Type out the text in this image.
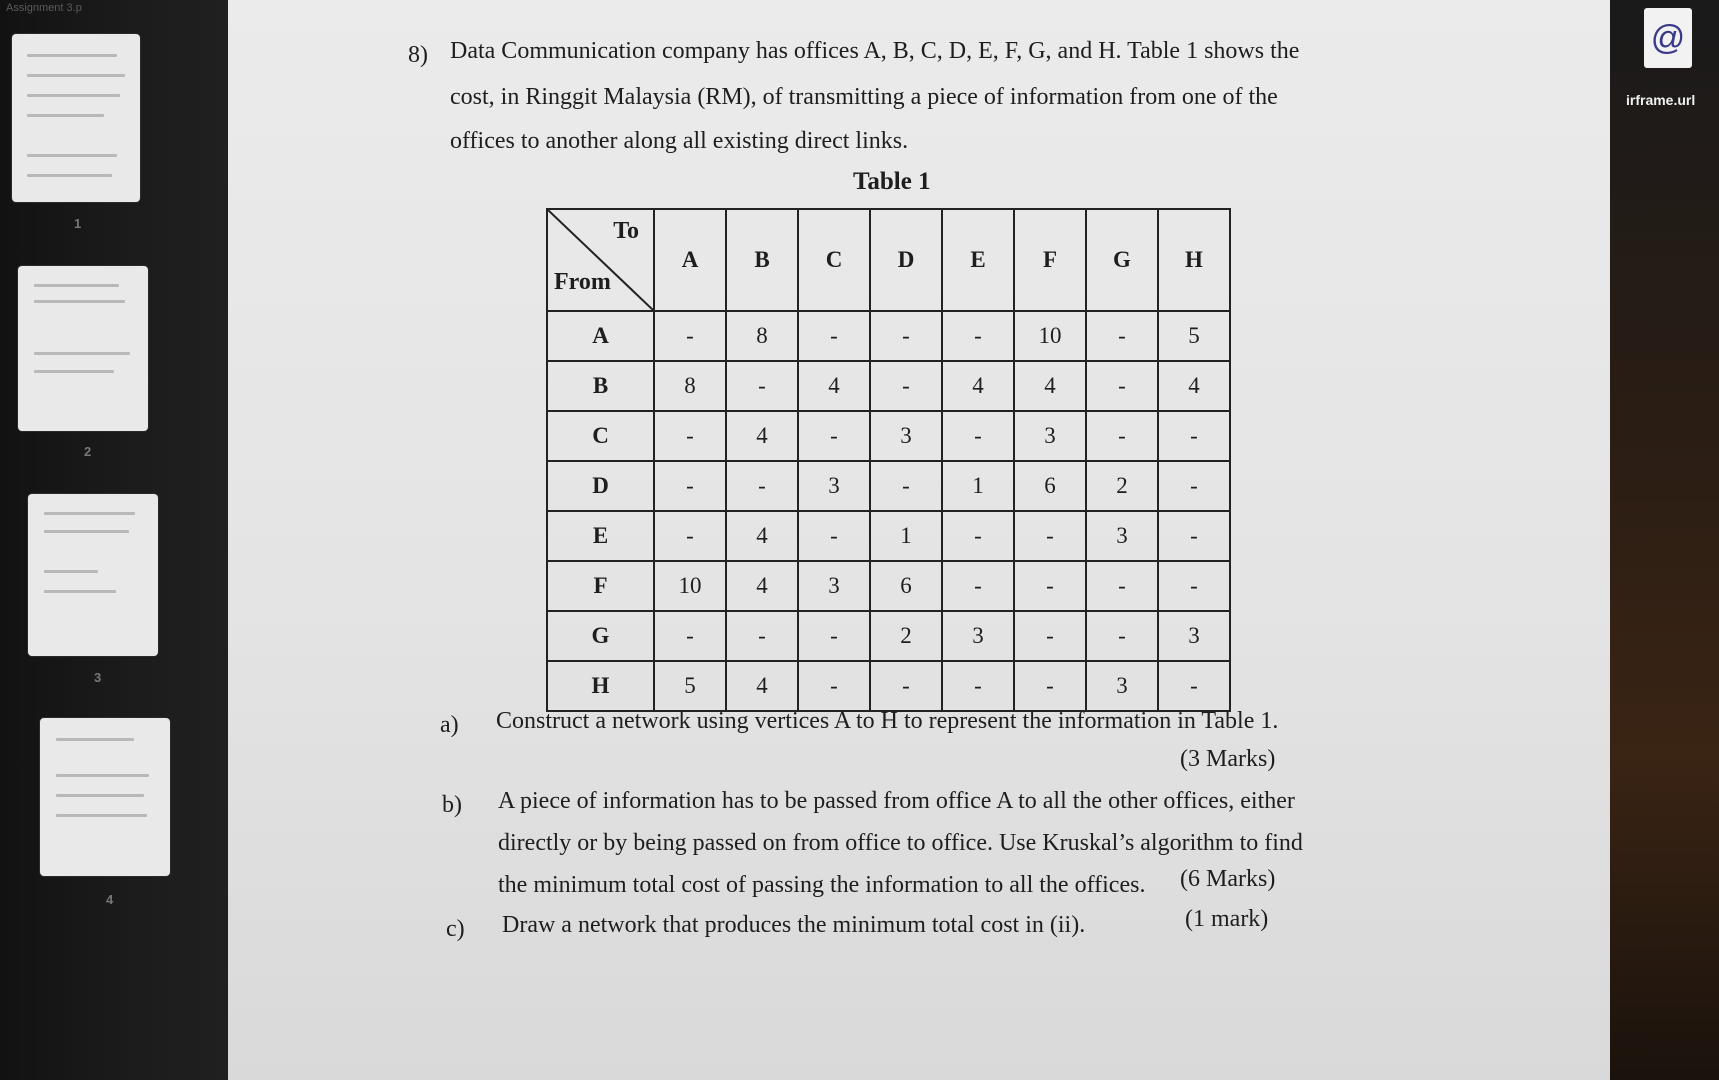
Assignment 3.p
1
2
3
4
8) Data Communication company has offices A, B, C, D, E, F, G, and H. Table 1 shows the
cost, in Ringgit Malaysia (RM), of transmitting a piece of information from one of the
offices to another along all existing direct links.
Table 1
To
From	A	B	C	D	E	F	G	H
A	-	8	-	-	-	10	-	5
B	8	-	4	-	4	4	-	4
C	-	4	-	3	-	3	-	-
D	-	-	3	-	1	6	2	-
E	-	4	-	1	-	-	3	-
F	10	4	3	6	-	-	-	-
G	-	-	-	2	3	-	-	3
H	5	4	-	-	-	-	3	-
a) Construct a network using vertices A to H to represent the information in Table 1.
(3 Marks)
b) A piece of information has to be passed from office A to all the other offices, either
directly or by being passed on from office to office. Use Kruskal’s algorithm to find
the minimum total cost of passing the information to all the offices. (6 Marks)
c) Draw a network that produces the minimum total cost in (ii).	(1 mark)
@
irframe.url
